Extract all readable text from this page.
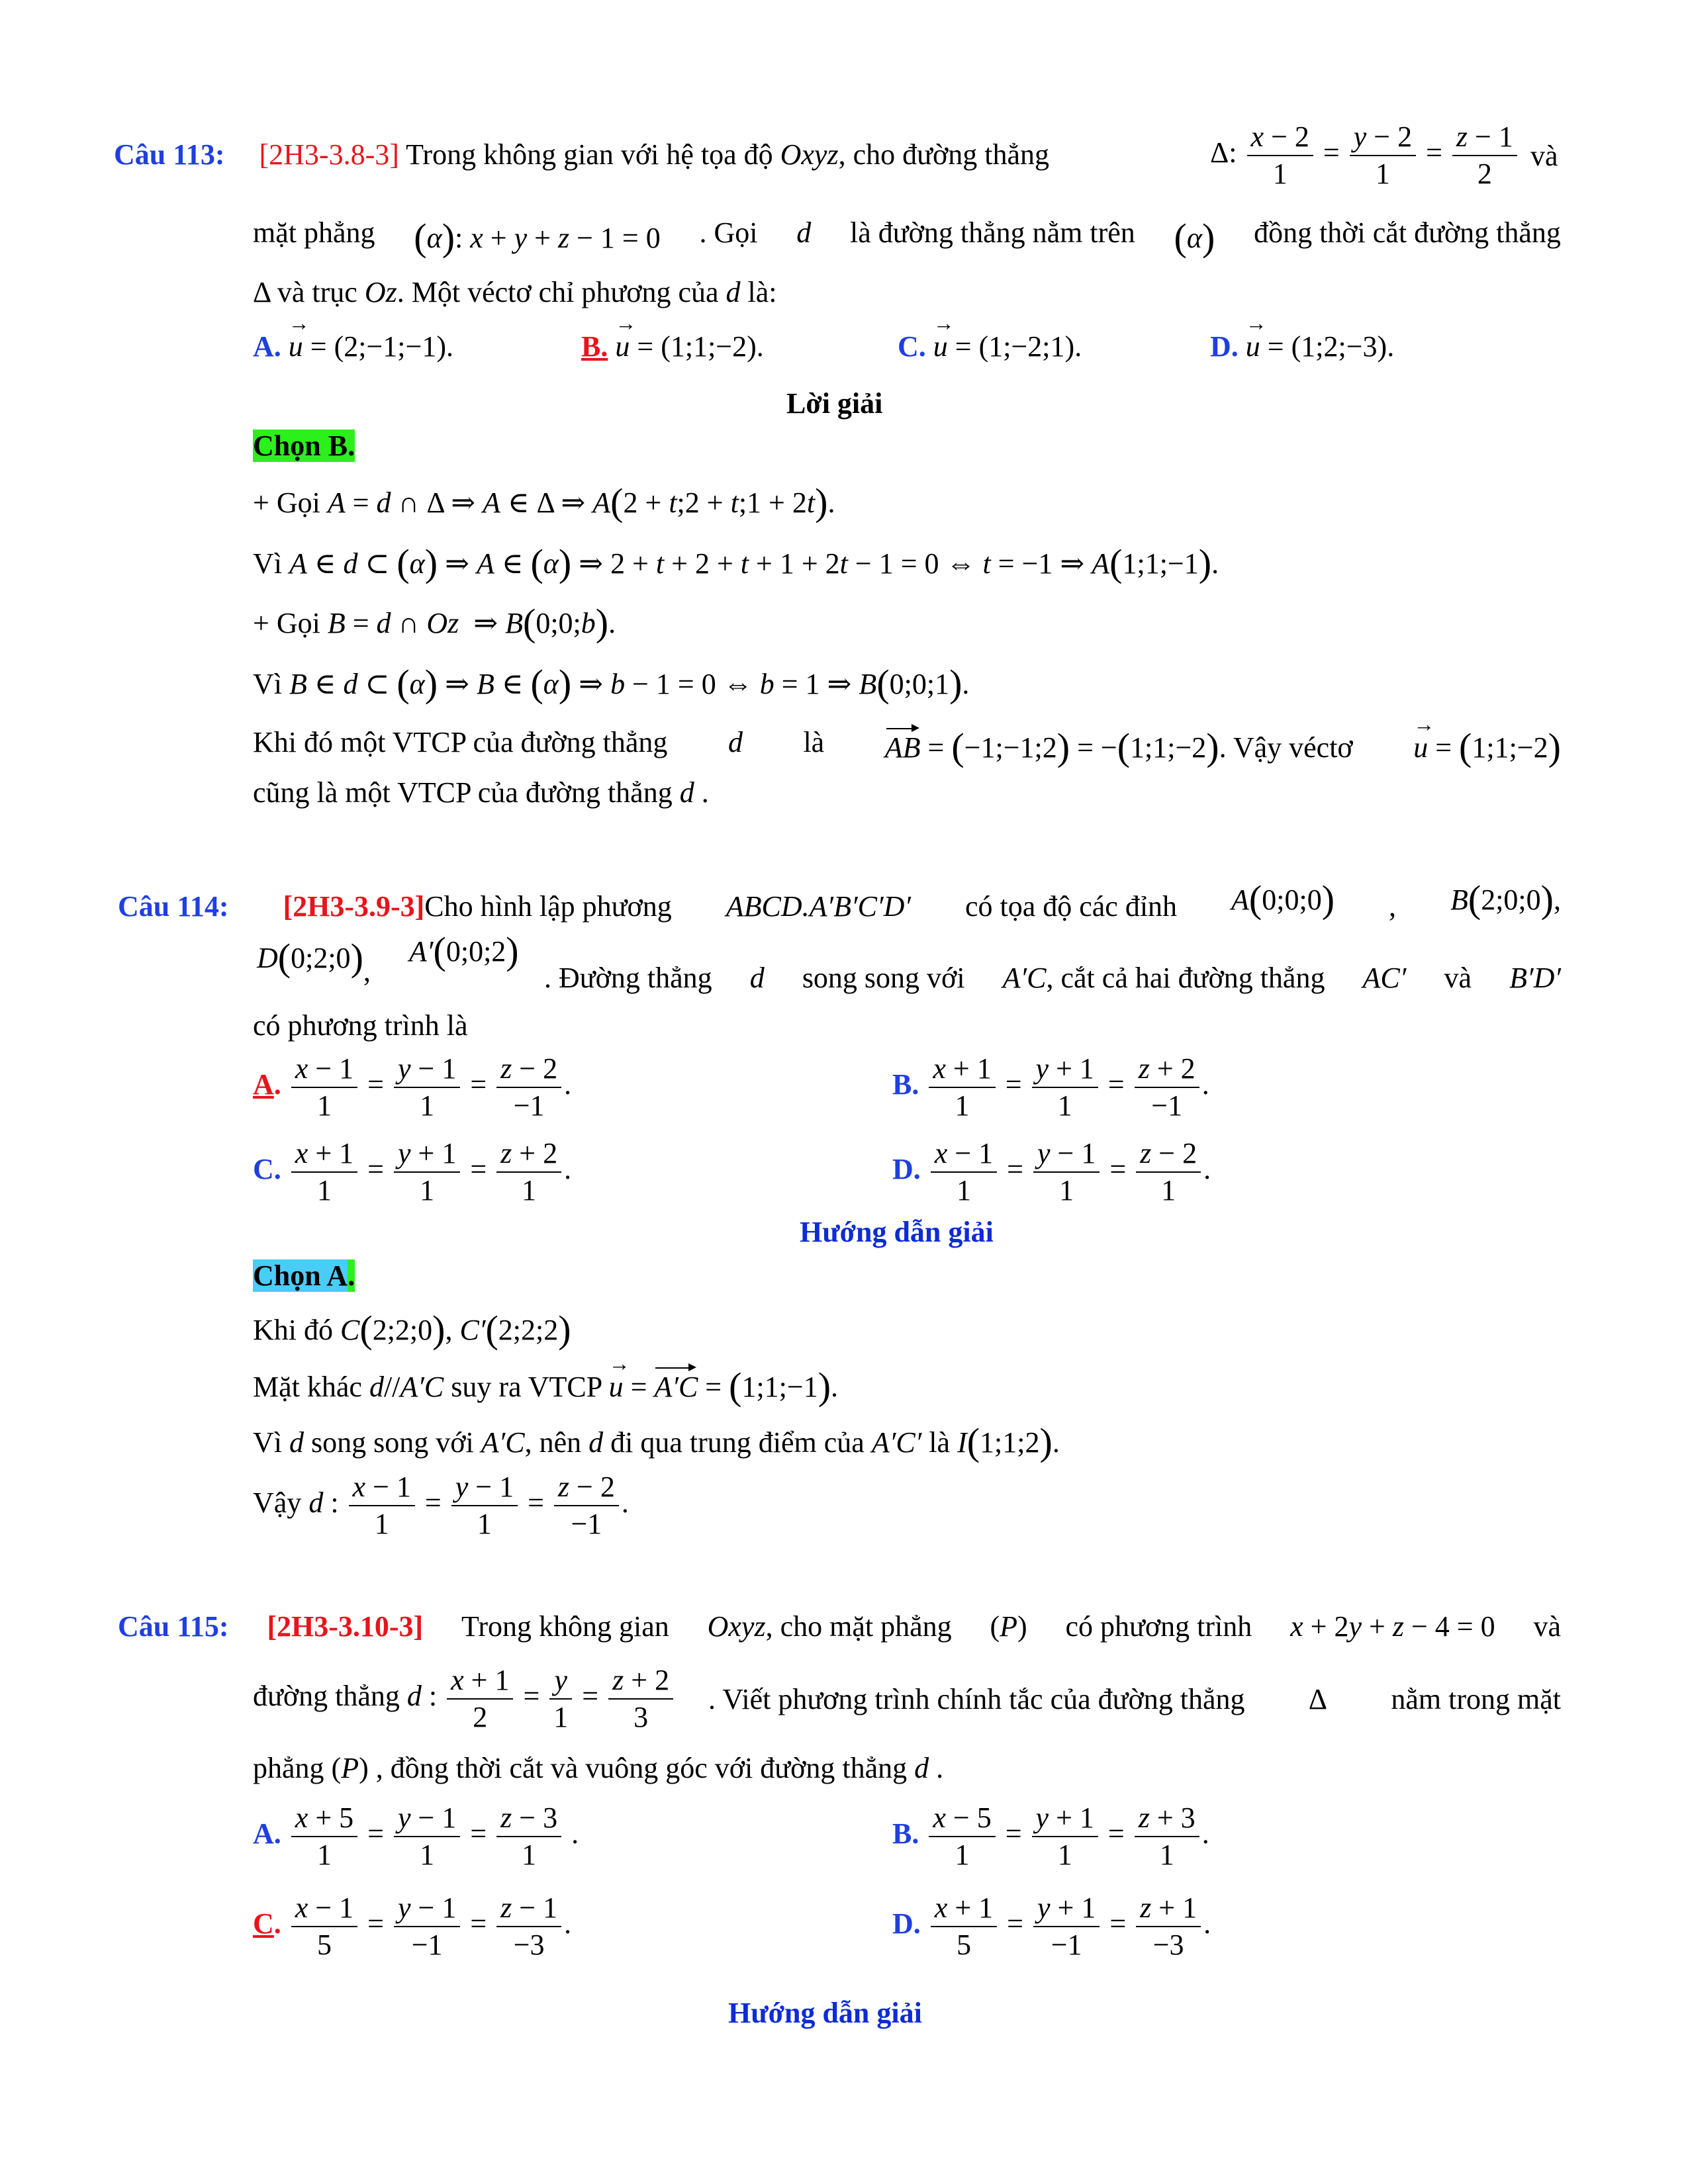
Câu 113: [2H3-3.8-3] Trong không gian với hệ tọa độ Oxyz, cho đường thẳng	Δ: $\frac{x - 2}{1} = \frac{y - 2}{1} = \frac{z - 1}{2}$ và
mặt phẳng (α): x + y + z − 1 = 0 . Gọi d là đường thẳng nằm trên (α) đồng thời cắt đường thẳng
Δ và trục Oz. Một véctơ chỉ phương của d là:
A. → u = (2;−1;−1).	B. → u = (1;1;−2).	C. → u = (1;−2;1).	D. → u = (1;2;−3).
Lời giải
Chọn B.
+ Gọi A = d ∩ Δ ⇒ A ∈ Δ ⇒ A(2 + t;2 + t;1 + 2t).
Vì A ∈ d ⊂ (α) ⇒ A ∈ (α) ⇒ 2 + t + 2 + t + 1 + 2t − 1 = 0 ⇔ t = −1 ⇒ A(1;1;−1).
+ Gọi B = d ∩ Oz  ⇒ B(0;0;b).
Vì B ∈ d ⊂ (α) ⇒ B ∈ (α) ⇒ b − 1 = 0 ⇔ b = 1 ⇒ B(0;0;1).
Khi đó một VTCP của đường thẳng d là AB = (−1;−1;2) = −(1;1;−2). Vậy véctơ → u = (1;1;−2)
cũng là một VTCP của đường thẳng d .
Câu 114: [2H3-3.9-3]Cho hình lập phương ABCD.A′B′C′D′ có tọa độ các đỉnh A(0;0;0) , B(2;0;0),
D(0;2;0),
A′(0;0;2)
. Đường thẳng d song song với A′C, cắt cả hai đường thẳng AC′ và B′D′
có phương trình là
A. $\frac{x - 1}{1} = \frac{y - 1}{1} = \frac{z - 2}{-1}$ .	B. $\frac{x + 1}{1} = \frac{y + 1}{1} = \frac{z + 2}{-1}$ .
C. $\frac{x + 1}{1} = \frac{y + 1}{1} = \frac{z + 2}{1}$ .	D. $\frac{x - 1}{1} = \frac{y - 1}{1} = \frac{z - 2}{1}$ .
Hướng dẫn giải
Chọn A.
Khi đó C(2;2;0), C′(2;2;2)
Mặt khác d//A′C suy ra VTCP → u = A′C = (1;1;−1).
Vì d song song với A′C, nên d đi qua trung điểm của A′C′ là I(1;1;2).
Vậy d : $\frac{x - 1}{1} = \frac{y - 1}{1} = \frac{z - 2}{-1}$ .
Câu 115: [2H3-3.10-3] Trong không gian Oxyz, cho mặt phẳng (P) có phương trình x + 2y + z − 4 = 0 và
đường thẳng d : $\frac{x + 1}{2} = \frac{y}{1} = \frac{z + 2}{3}$ . Viết phương trình chính tắc của đường thẳng Δ nằm trong mặt
phẳng (P) , đồng thời cắt và vuông góc với đường thẳng d .
A. $\frac{x + 5}{1} = \frac{y - 1}{1} = \frac{z - 3}{1}$ .	B. $\frac{x - 5}{1} = \frac{y + 1}{1} = \frac{z + 3}{1}$ .
C. $\frac{x - 1}{5} = \frac{y - 1}{-1} = \frac{z - 1}{-3}$ .	D. $\frac{x + 1}{5} = \frac{y + 1}{-1} = \frac{z + 1}{-3}$ .
Hướng dẫn giải
